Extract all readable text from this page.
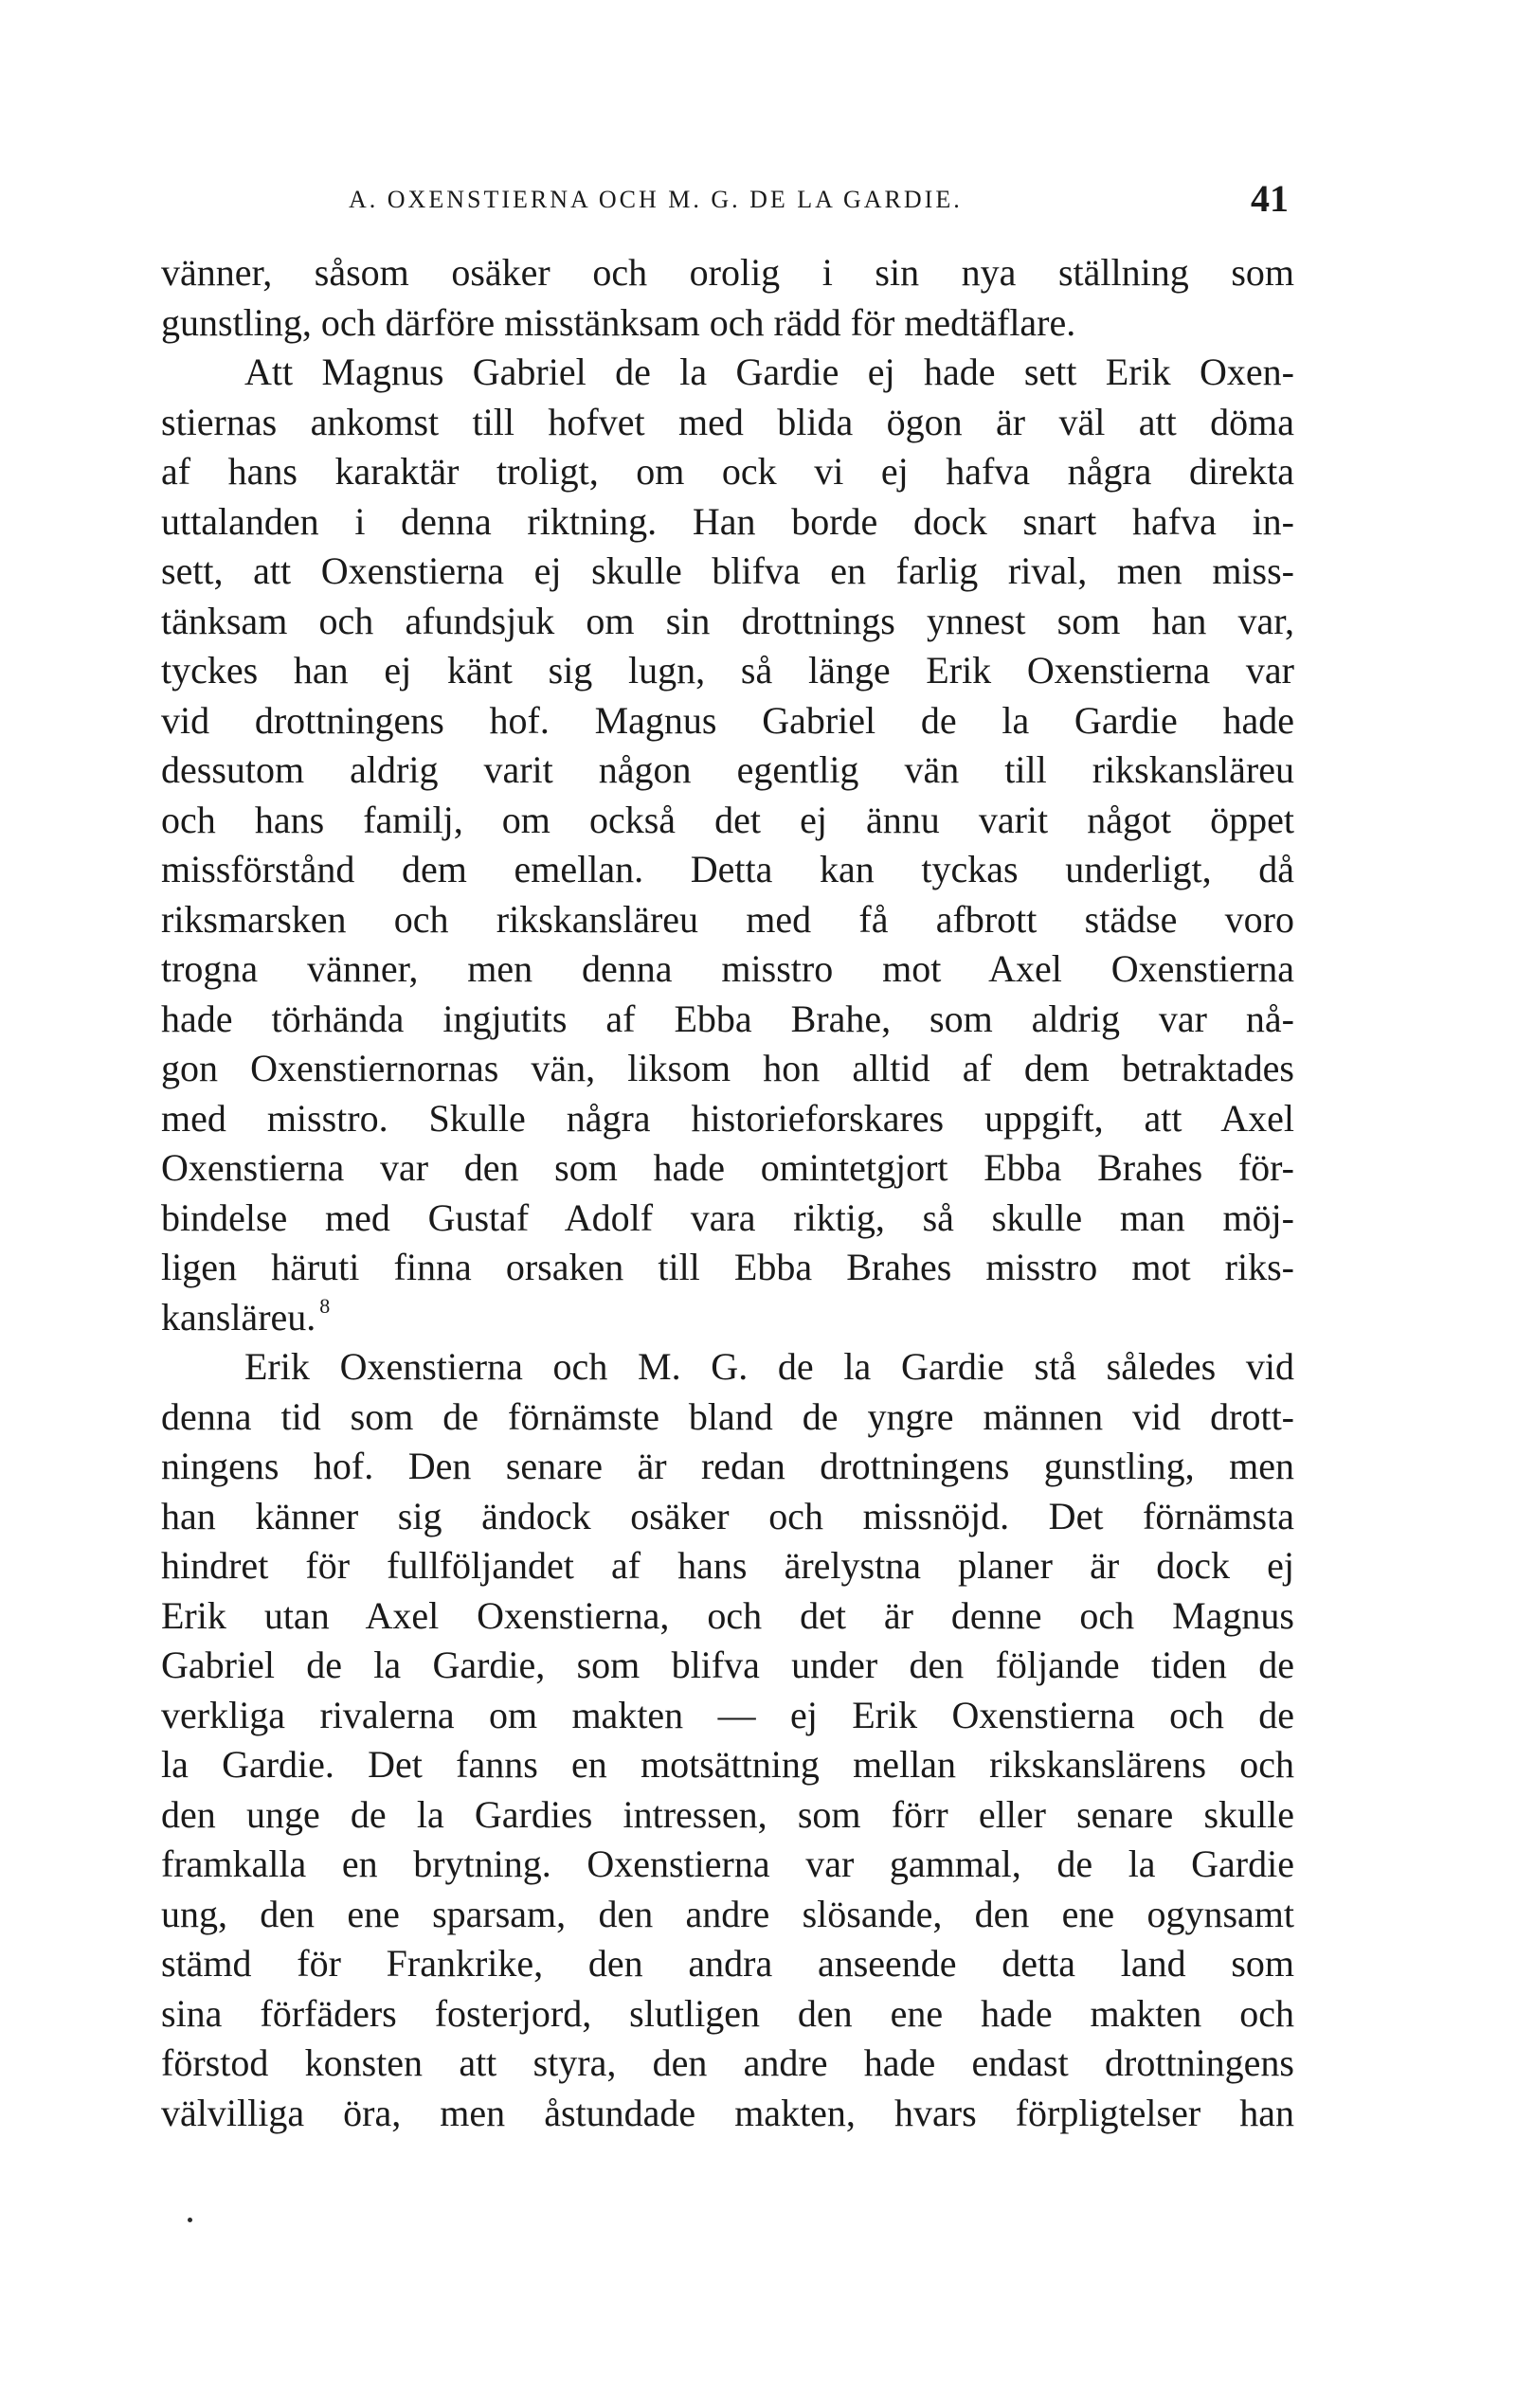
A. OXENSTIERNA OCH M. G. DE LA GARDIE.	41
vänner, såsom osäker och orolig i sin nya ställning som
gunstling, och därföre misstänksam och rädd för medtäflare.
Att Magnus Gabriel de la Gardie ej hade sett Erik Oxen-
stiernas ankomst till hofvet med blida ögon är väl att döma
af hans karaktär troligt, om ock vi ej hafva några direkta
uttalanden i denna riktning. Han borde dock snart hafva in-
sett, att Oxenstierna ej skulle blifva en farlig rival, men miss-
tänksam och afundsjuk om sin drottnings ynnest som han var,
tyckes han ej känt sig lugn, så länge Erik Oxenstierna var
vid drottningens hof. Magnus Gabriel de la Gardie hade
dessutom aldrig varit någon egentlig vän till rikskansläreu
och hans familj, om också det ej ännu varit något öppet
missförstånd dem emellan. Detta kan tyckas underligt, då
riksmarsken och rikskansläreu med få afbrott städse voro
trogna vänner, men denna misstro mot Axel Oxenstierna
hade törhända ingjutits af Ebba Brahe, som aldrig var nå-
gon Oxenstiernornas vän, liksom hon alltid af dem betraktades
med misstro. Skulle några historieforskares uppgift, att Axel
Oxenstierna var den som hade omintetgjort Ebba Brahes för-
bindelse med Gustaf Adolf vara riktig, så skulle man möj-
ligen häruti finna orsaken till Ebba Brahes misstro mot riks-
kansläreu. $^8$
Erik Oxenstierna och M. G. de la Gardie stå således vid
denna tid som de förnämste bland de yngre männen vid drott-
ningens hof. Den senare är redan drottningens gunstling, men
han känner sig ändock osäker och missnöjd. Det förnämsta
hindret för fullföljandet af hans ärelystna planer är dock ej
Erik utan Axel Oxenstierna, och det är denne och Magnus
Gabriel de la Gardie, som blifva under den följande tiden de
verkliga rivalerna om makten — ej Erik Oxenstierna och de
la Gardie. Det fanns en motsättning mellan rikskanslärens och
den unge de la Gardies intressen, som förr eller senare skulle
framkalla en brytning. Oxenstierna var gammal, de la Gardie
ung, den ene sparsam, den andre slösande, den ene ogynsamt
stämd för Frankrike, den andra anseende detta land som
sina förfäders fosterjord, slutligen den ene hade makten och
förstod konsten att styra, den andre hade endast drottningens
välvilliga öra, men åstundade makten, hvars förpligtelser han
